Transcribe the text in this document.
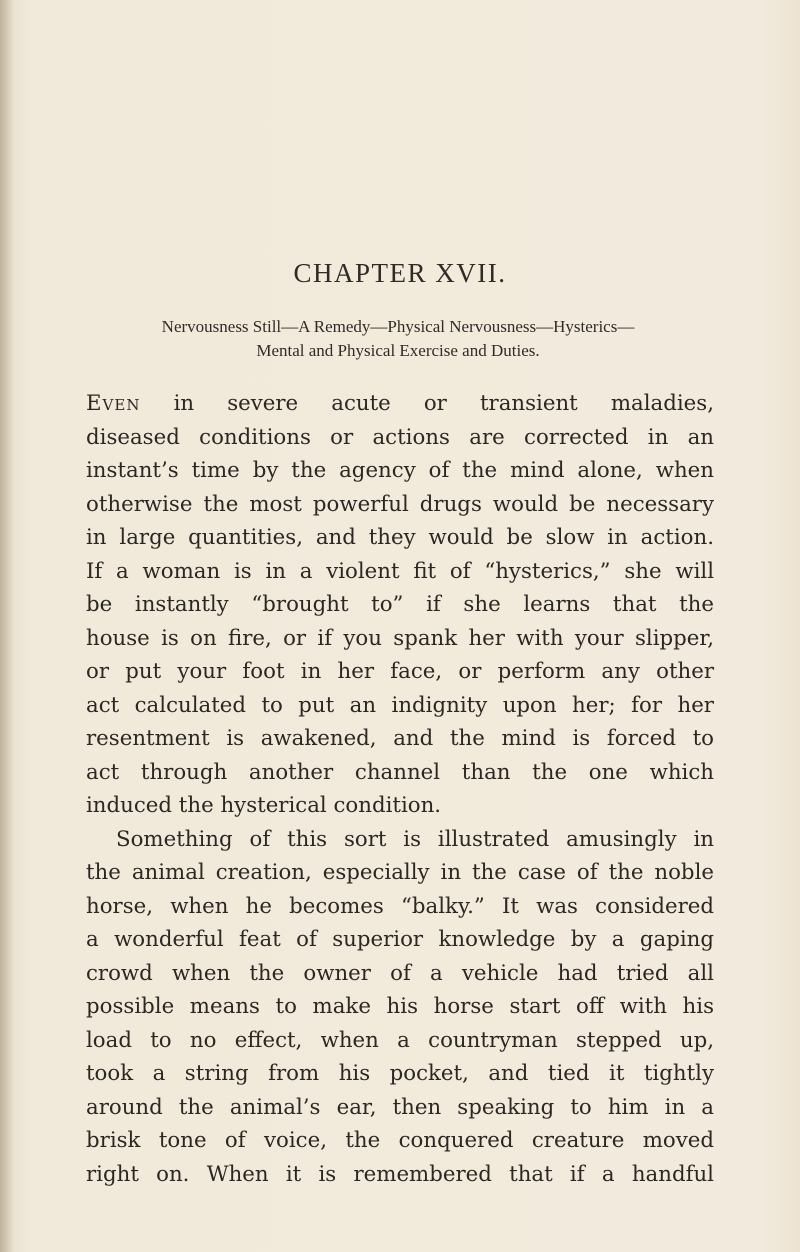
CHAPTER XVII.
Nervousness Still—A Remedy—Physical Nervousness—Hysterics—
Mental and Physical Exercise and Duties.

Even in severe acute or transient maladies,
diseased conditions or actions are corrected in an
instant’s time by the agency of the mind alone, when
otherwise the most powerful drugs would be necessary
in large quantities, and they would be slow in action.
If a woman is in a violent fit of “hysterics,” she will
be instantly “brought to” if she learns that the
house is on fire, or if you spank her with your slipper,
or put your foot in her face, or perform any other
act calculated to put an indignity upon her; for her
resentment is awakened, and the mind is forced to
act through another channel than the one which
induced the hysterical condition.

Something of this sort is illustrated amusingly in
the animal creation, especially in the case of the noble
horse, when he becomes “balky.” It was considered
a wonderful feat of superior knowledge by a gaping
crowd when the owner of a vehicle had tried all
possible means to make his horse start off with his
load to no effect, when a countryman stepped up,
took a string from his pocket, and tied it tightly
around the animal’s ear, then speaking to him in a
brisk tone of voice, the conquered creature moved
right on. When it is remembered that if a handful
